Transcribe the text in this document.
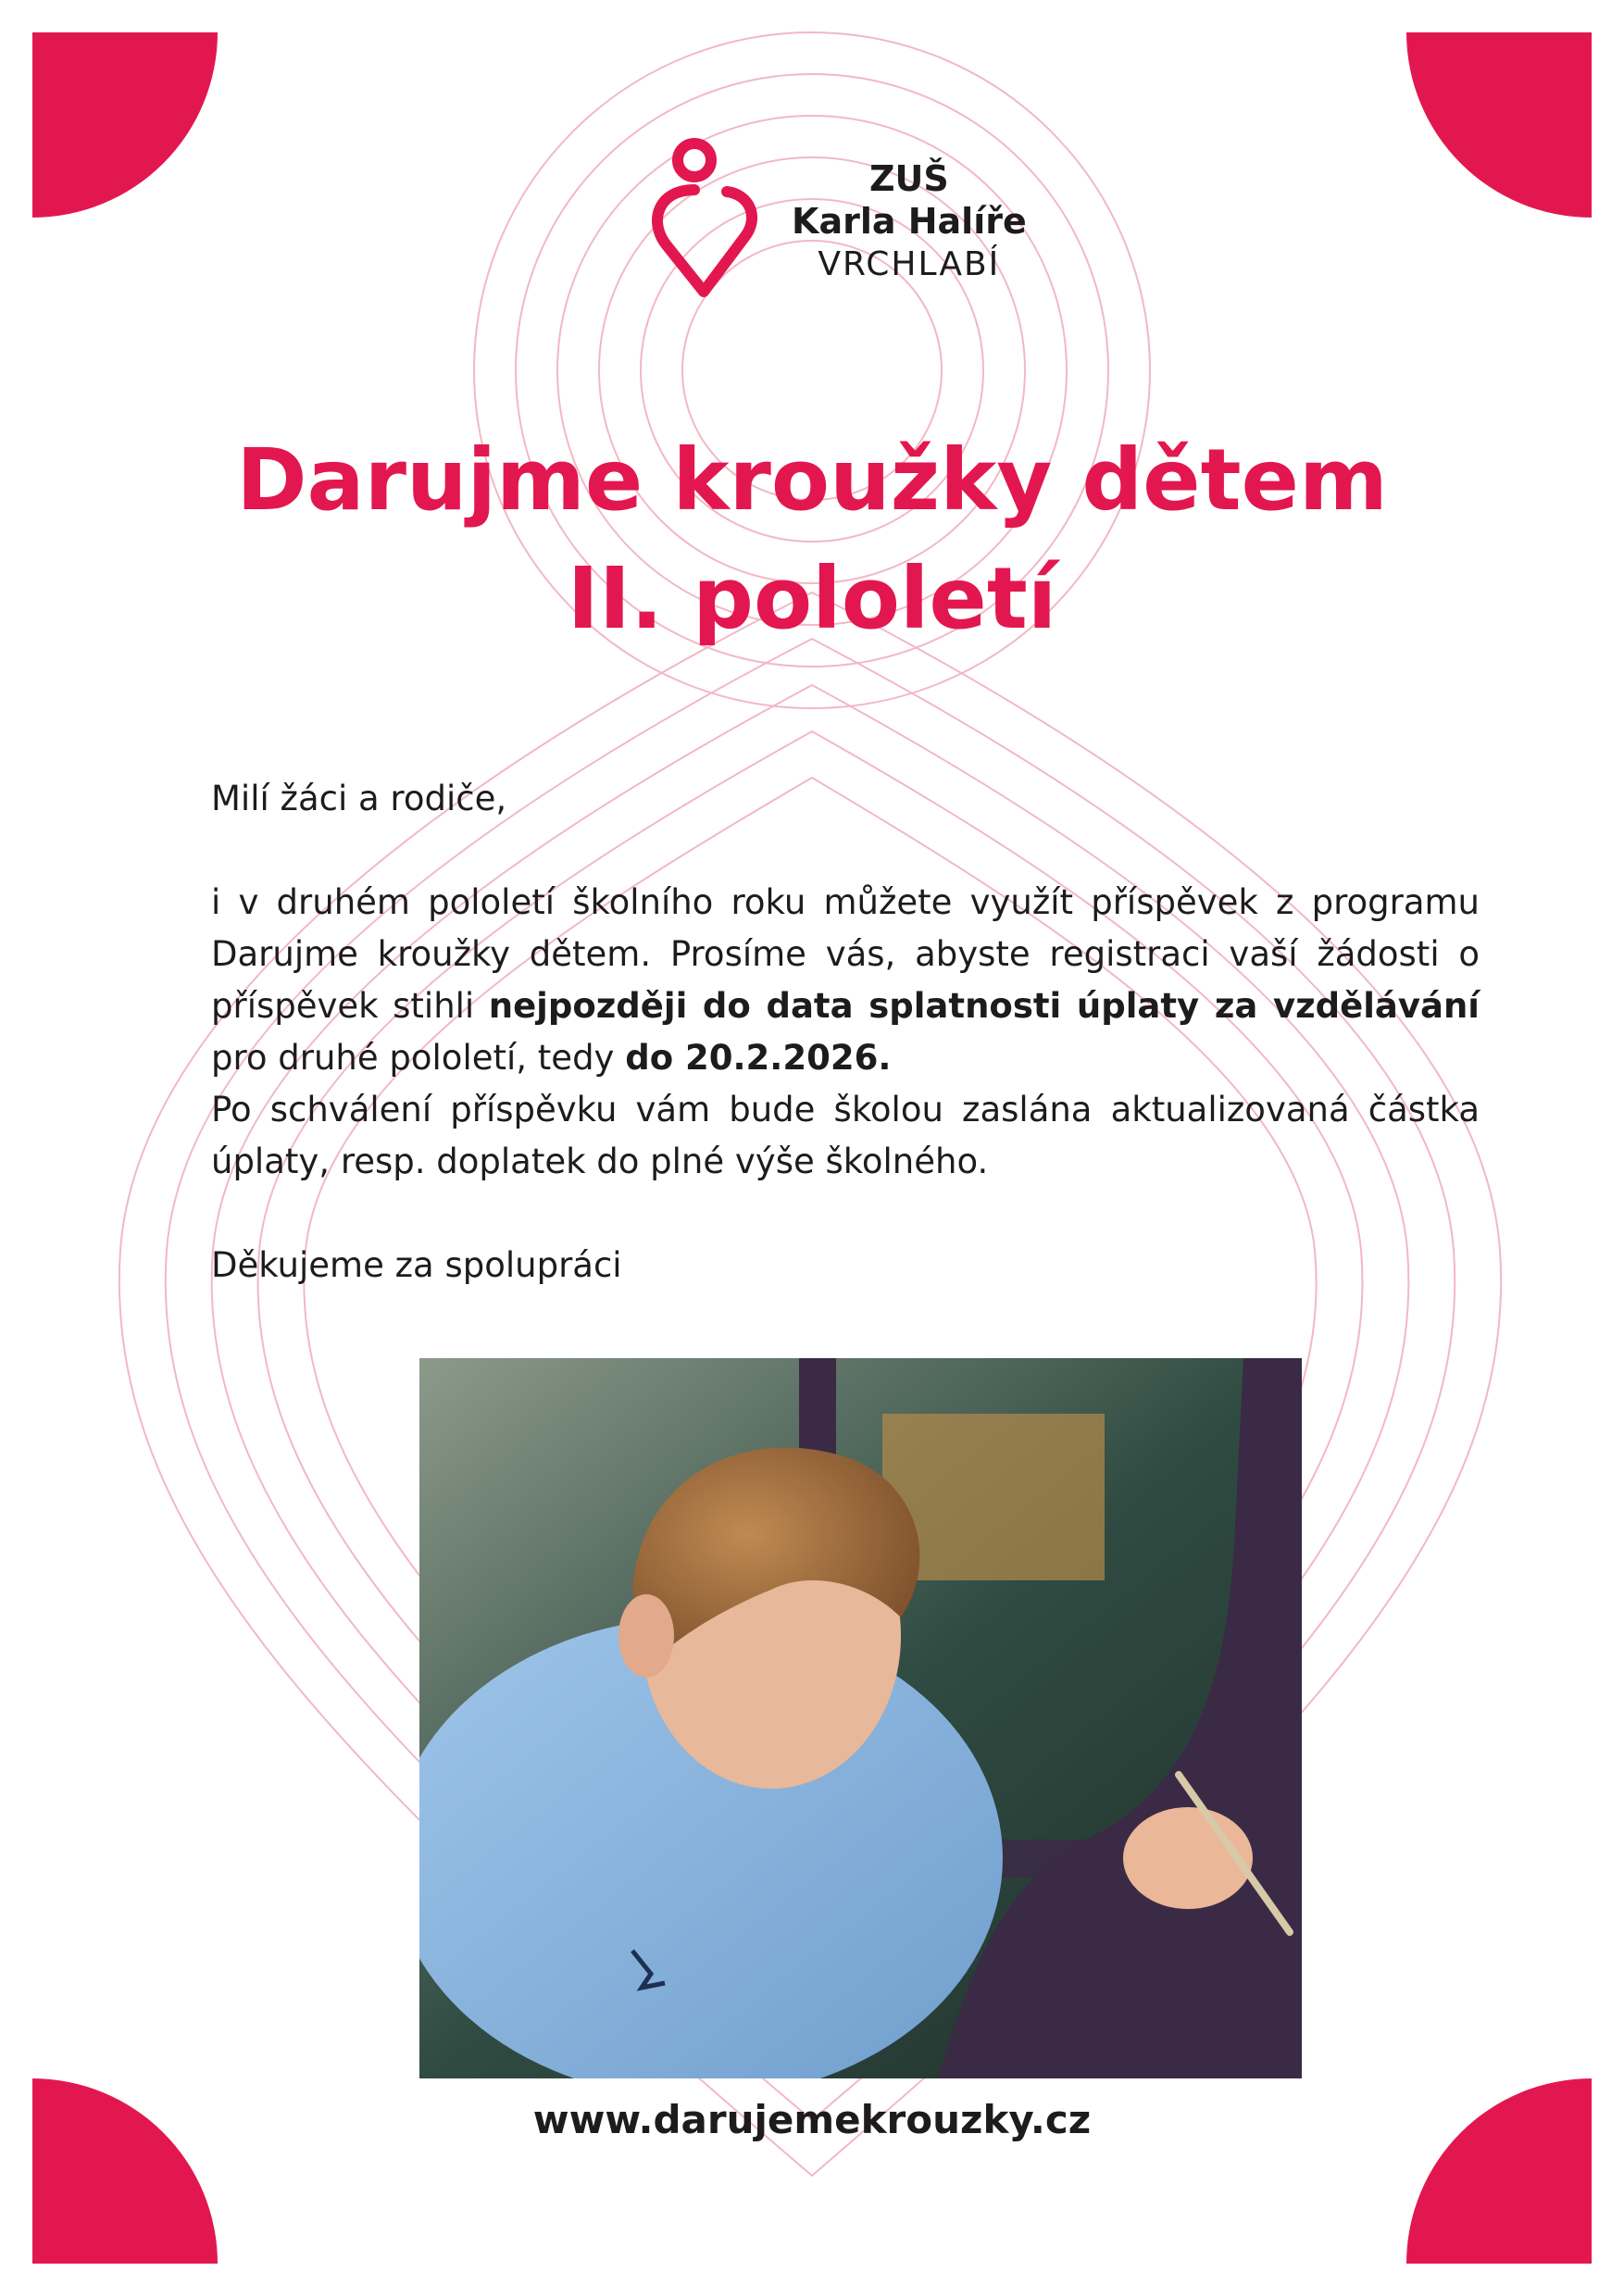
ZUŠ
Karla Halíře
VRCHLABÍ
Darujme kroužky dětem
II. pololetí

Milí žáci a rodiče,

i v druhém pololetí školního roku můžete využít příspěvek z programu Darujme kroužky dětem. Prosíme vás, abyste registraci vaší žádosti o příspěvek stihli nejpozději do data splatnosti úplaty za vzdělávání pro druhé pololetí, tedy do 20.2.2026.

Po schválení příspěvku vám bude školou zaslána aktualizovaná částka úplaty, resp. doplatek do plné výše školného.

Děkujeme za spolupráci

www.darujemekrouzky.cz
